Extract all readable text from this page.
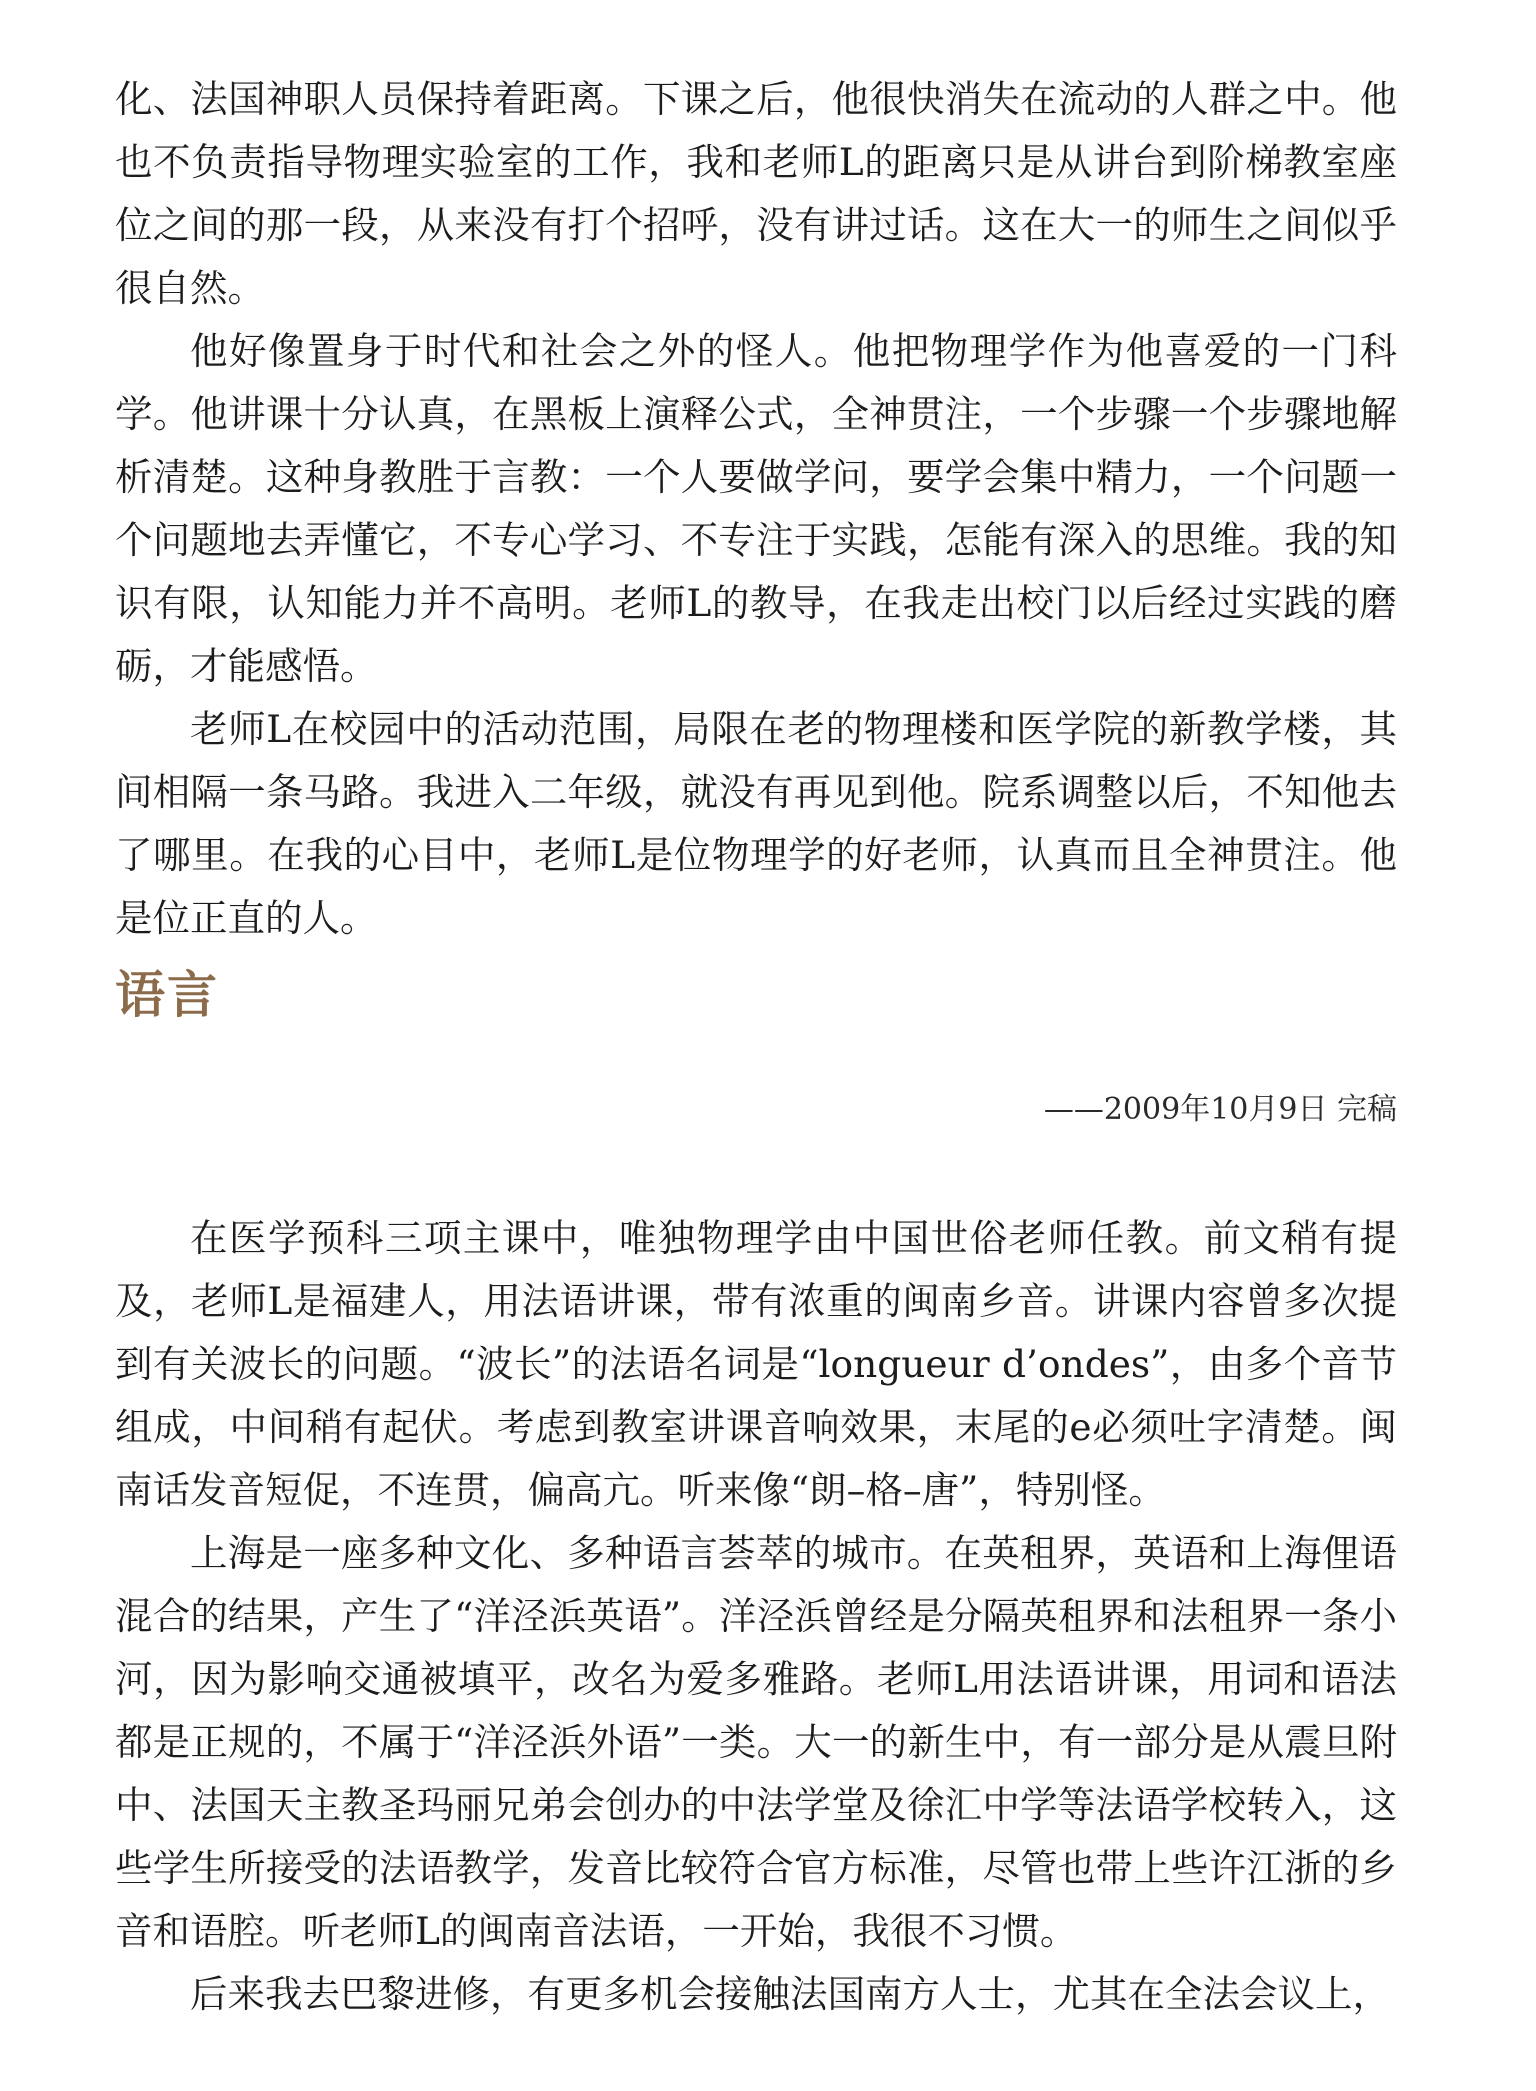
化、法国神职人员保持着距离。下课之后，他很快消失在流动的人群之中。他也不负责指导物理实验室的工作，我和老师L的距离只是从讲台到阶梯教室座位之间的那一段，从来没有打个招呼，没有讲过话。这在大一的师生之间似乎很自然。

他好像置身于时代和社会之外的怪人。他把物理学作为他喜爱的一门科学。他讲课十分认真，在黑板上演释公式，全神贯注，一个步骤一个步骤地解析清楚。这种身教胜于言教：一个人要做学问，要学会集中精力，一个问题一个问题地去弄懂它，不专心学习、不专注于实践，怎能有深入的思维。我的知识有限，认知能力并不高明。老师L的教导，在我走出校门以后经过实践的磨砺，才能感悟。

老师L在校园中的活动范围，局限在老的物理楼和医学院的新教学楼，其间相隔一条马路。我进入二年级，就没有再见到他。院系调整以后，不知他去了哪里。在我的心目中，老师L是位物理学的好老师，认真而且全神贯注。他是位正直的人。

语言

——2009年10月9日 完稿

在医学预科三项主课中，唯独物理学由中国世俗老师任教。前文稍有提及，老师L是福建人，用法语讲课，带有浓重的闽南乡音。讲课内容曾多次提到有关波长的问题。“波长”的法语名词是“longueur d’ondes”，由多个音节组成，中间稍有起伏。考虑到教室讲课音响效果，末尾的e必须吐字清楚。闽南话发音短促，不连贯，偏高亢。听来像“朗–格–唐”，特别怪。

上海是一座多种文化、多种语言荟萃的城市。在英租界，英语和上海俚语混合的结果，产生了“洋泾浜英语”。洋泾浜曾经是分隔英租界和法租界一条小河，因为影响交通被填平，改名为爱多雅路。老师L用法语讲课，用词和语法都是正规的，不属于“洋泾浜外语”一类。大一的新生中，有一部分是从震旦附中、法国天主教圣玛丽兄弟会创办的中法学堂及徐汇中学等法语学校转入，这些学生所接受的法语教学，发音比较符合官方标准，尽管也带上些许江浙的乡音和语腔。听老师L的闽南音法语，一开始，我很不习惯。

后来我去巴黎进修，有更多机会接触法国南方人士，尤其在全法会议上，
